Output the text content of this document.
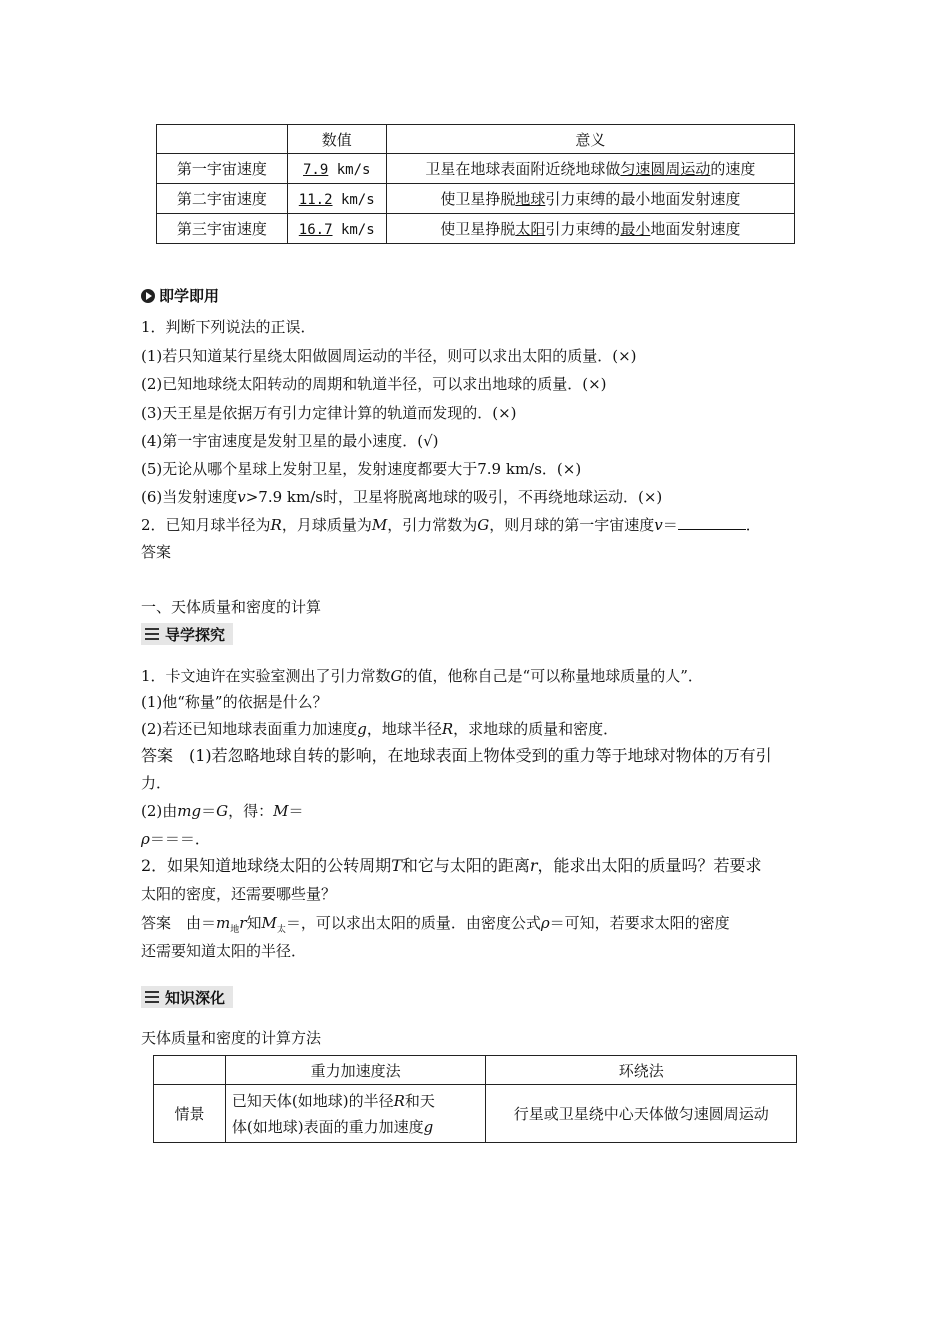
	数值	意义
第一宇宙速度	7.9 km/s	卫星在地球表面附近绕地球做匀速圆周运动的速度
第二宇宙速度	11.2 km/s	使卫星挣脱地球引力束缚的最小地面发射速度
第三宇宙速度	16.7 km/s	使卫星挣脱太阳引力束缚的最小地面发射速度
即学即用
1．判断下列说法的正误．
(1)若只知道某行星绕太阳做圆周运动的半径，则可以求出太阳的质量．(×)
(2)已知地球绕太阳转动的周期和轨道半径，可以求出地球的质量．(×)
(3)天王星是依据万有引力定律计算的轨道而发现的．(×)
(4)第一宇宙速度是发射卫星的最小速度．(√)
(5)无论从哪个星球上发射卫星，发射速度都要大于7.9 km/s．(×)
(6)当发射速度v>7.9 km/s时，卫星将脱离地球的吸引，不再绕地球运动．(×)
2．已知月球半径为R，月球质量为M，引力常数为G，则月球的第一宇宙速度v＝	．
答案
一、天体质量和密度的计算
导学探究
1．卡文迪许在实验室测出了引力常数G的值，他称自己是“可以称量地球质量的人”．
(1)他“称量”的依据是什么？
(2)若还已知地球表面重力加速度g，地球半径R，求地球的质量和密度．
答案　(1)若忽略地球自转的影响，在地球表面上物体受到的重力等于地球对物体的万有引
力．
(2)由mg＝G，得：M＝
ρ＝＝＝．
2．如果知道地球绕太阳的公转周期T和它与太阳的距离r，能求出太阳的质量吗？若要求
太阳的密度，还需要哪些量？
答案　由$=m_地r$知$M_太=$，可以求出太阳的质量．由密度公式ρ＝可知，若要求太阳的密度
还需要知道太阳的半径．
知识深化
天体质量和密度的计算方法
	重力加速度法	环绕法
情景	已知天体(如地球)的半径R和天
体(如地球)表面的重力加速度g	行星或卫星绕中心天体做匀速圆周运动
